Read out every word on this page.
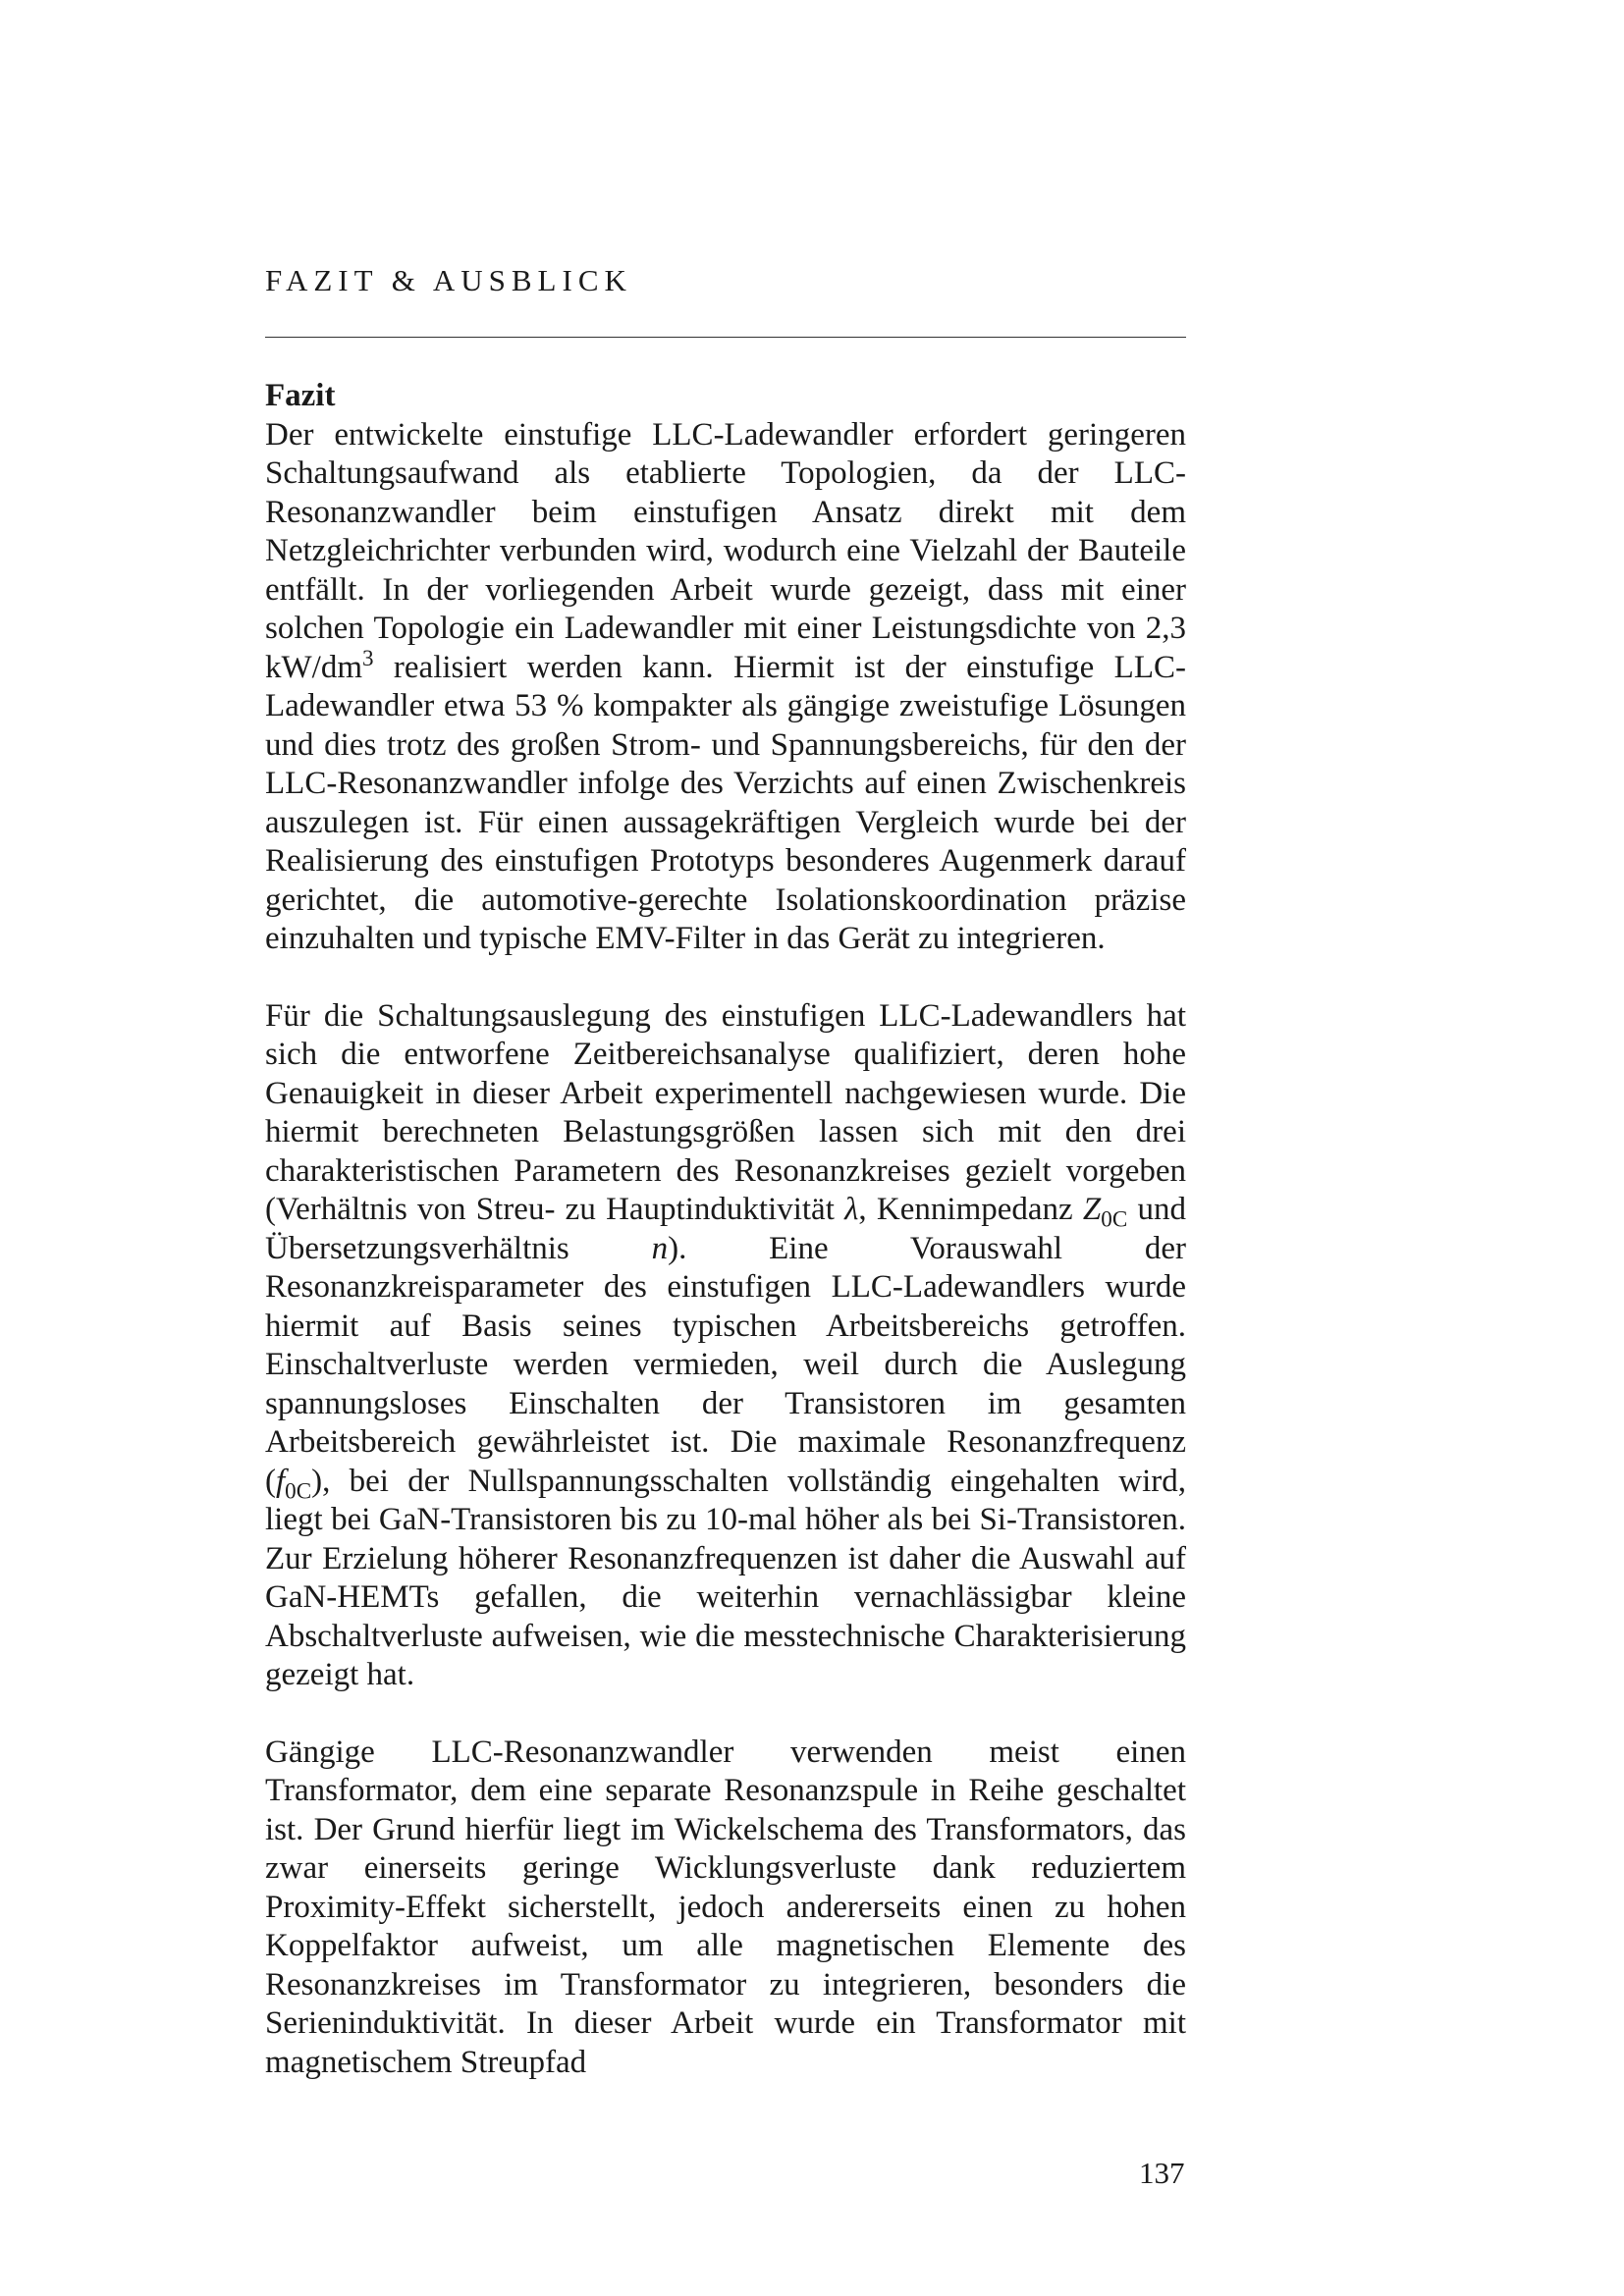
FAZIT & AUSBLICK
Fazit

Der entwickelte einstufige LLC-Ladewandler erfordert geringeren Schaltungsaufwand als etablierte Topologien, da der LLC-Resonanzwandler beim einstufigen Ansatz direkt mit dem Netzgleichrichter verbunden wird, wodurch eine Vielzahl der Bauteile entfällt. In der vorliegenden Arbeit wurde gezeigt, dass mit einer solchen Topologie ein Ladewandler mit einer Leistungsdichte von 2,3 $kW/dm^3$ realisiert werden kann. Hiermit ist der einstufige LLC-Ladewandler etwa 53 % kompakter als gängige zweistufige Lösungen und dies trotz des großen Strom- und Spannungsbereichs, für den der LLC-Resonanzwandler infolge des Verzichts auf einen Zwischenkreis auszulegen ist. Für einen aussagekräftigen Vergleich wurde bei der Realisierung des einstufigen Prototyps besonderes Augenmerk darauf gerichtet, die automotive-gerechte Isolationskoordination präzise einzuhalten und typische EMV-Filter in das Gerät zu integrieren.

Für die Schaltungsauslegung des einstufigen LLC-Ladewandlers hat sich die entworfene Zeitbereichsanalyse qualifiziert, deren hohe Genauigkeit in dieser Arbeit experimentell nachgewiesen wurde. Die hiermit berechneten Belastungsgrößen lassen sich mit den drei charakteristischen Parametern des Resonanzkreises gezielt vorgeben (Verhältnis von Streu- zu Hauptinduktivität λ, Kennimpedanz $Z_{0C}$ und Übersetzungsverhältnis n). Eine Vorauswahl der Resonanzkreisparameter des einstufigen LLC-Ladewandlers wurde hiermit auf Basis seines typischen Arbeitsbereichs getroffen. Einschaltverluste werden vermieden, weil durch die Auslegung spannungsloses Einschalten der Transistoren im gesamten Arbeitsbereich gewährleistet ist. Die maximale Resonanzfrequenz $(f_{0C})$, bei der Nullspannungsschalten vollständig eingehalten wird, liegt bei GaN-Transistoren bis zu 10-mal höher als bei Si-Transistoren. Zur Erzielung höherer Resonanzfrequenzen ist daher die Auswahl auf GaN-HEMTs gefallen, die weiterhin vernachlässigbar kleine Abschaltverluste aufweisen, wie die messtechnische Charakterisierung gezeigt hat.

Gängige LLC-Resonanzwandler verwenden meist einen Transformator, dem eine separate Resonanzspule in Reihe geschaltet ist. Der Grund hierfür liegt im Wickelschema des Transformators, das zwar einerseits geringe Wicklungsverluste dank reduziertem Proximity-Effekt sicherstellt, jedoch andererseits einen zu hohen Koppelfaktor aufweist, um alle magnetischen Elemente des Resonanzkreises im Transformator zu integrieren, besonders die Serieninduktivität. In dieser Arbeit wurde ein Transformator mit magnetischem Streupfad

137
